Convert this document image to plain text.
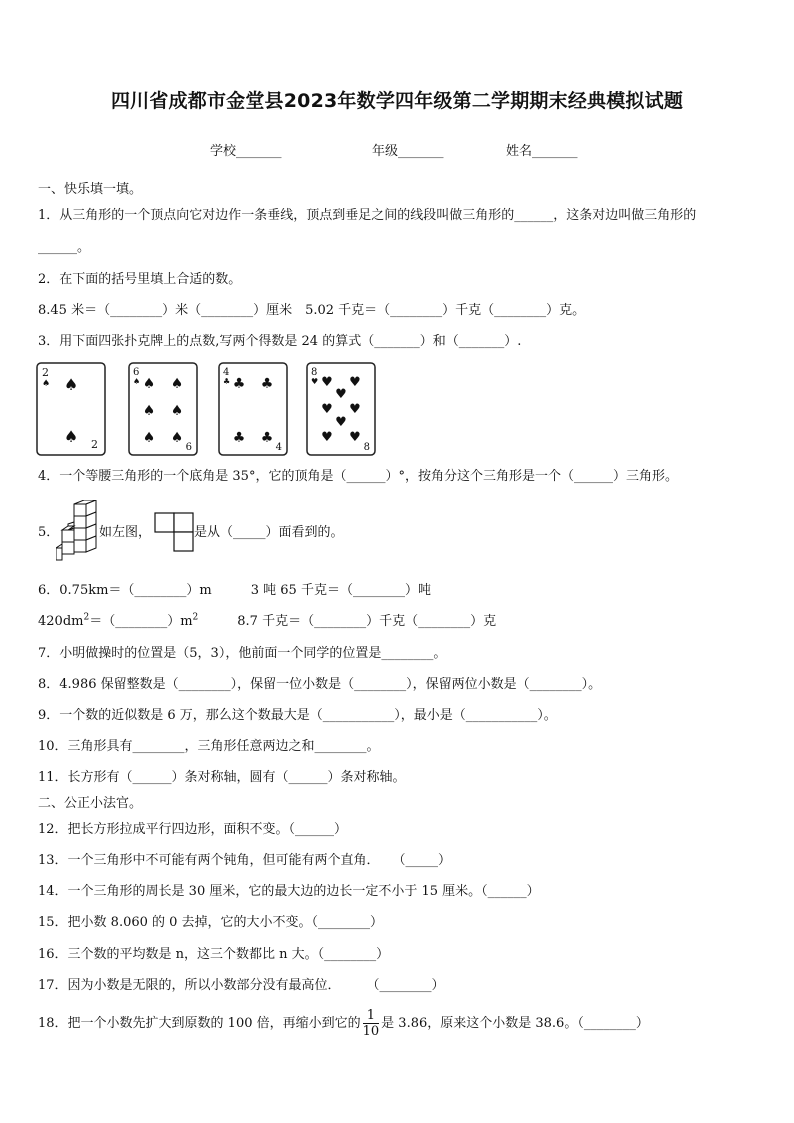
四川省成都市金堂县2023年数学四年级第二学期期末经典模拟试题
学校_______	年级_______	姓名_______
一、快乐填一填。
1．从三角形的一个顶点向它对边作一条垂线，顶点到垂足之间的线段叫做三角形的______，这条对边叫做三角形的
______。
2．在下面的括号里填上合适的数。
8.45 米＝（________）米（________）厘米　5.02 千克＝（________）千克（________）克。
3．用下面四张扑克牌上的点数,写两个得数是 24 的算式（_______）和（_______）.
2
♠ ♠
♠ 2
6
♠ ♠ ♠
♠ ♠
♠ ♠
6
4
♣ ♣ ♣
♣ ♣
4
8
♥ ♥ ♥
♥
♥ ♥
♥
♥ ♥
8
4．一个等腰三角形的一个底角是 35°，它的顶角是（______）°，按角分这个三角形是一个（______）三角形。
5．	如左图，	是从（_____）面看到的。
6．0.75km＝（________）m　　　3 吨 65 千克＝（________）吨
$420dm^2=(\_\_\_\_\_\_\_\_)m^2$　　　8.7 千克＝（________）千克（________）克
7．小明做操时的位置是（5，3），他前面一个同学的位置是________。
8．4.986 保留整数是（________），保留一位小数是（________），保留两位小数是（________）。
9．一个数的近似数是 6 万，那么这个数最大是（___________），最小是（___________）。
10．三角形具有________，三角形任意两边之和________。
11．长方形有（______）条对称轴，圆有（______）条对称轴。
二、公正小法官。
12．把长方形拉成平行四边形，面积不变。（______）
13．一个三角形中不可能有两个钝角，但可能有两个直角．　　（_____）
14．一个三角形的周长是 30 厘米，它的最大边的边长一定不小于 15 厘米。（______）
15．把小数 8.060 的 0 去掉，它的大小不变。（________）
16．三个数的平均数是 n，这三个数都比 n 大。（________）
17．因为小数是无限的，所以小数部分没有最高位．　　　（________）
18．把一个小数先扩大到原数的 100 倍，再缩小到它的 $\frac{1}{10}$ 是 3.86，原来这个小数是 38.6。（________）
